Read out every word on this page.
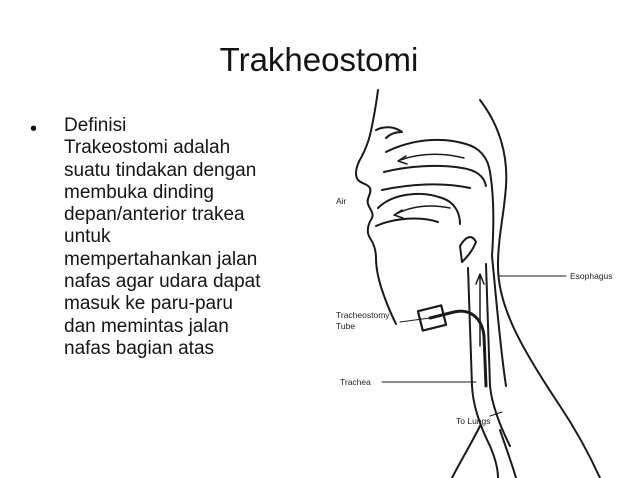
Trakheostomi
• Definisi
Trakeostomi adalah
suatu tindakan dengan
membuka dinding
depan/anterior trakea
untuk
mempertahankan jalan
nafas agar udara dapat
masuk ke paru-paru
dan memintas jalan
nafas bagian atas
Air
Esophagus
Tracheostomy
Tube
Trachea
To Lungs
